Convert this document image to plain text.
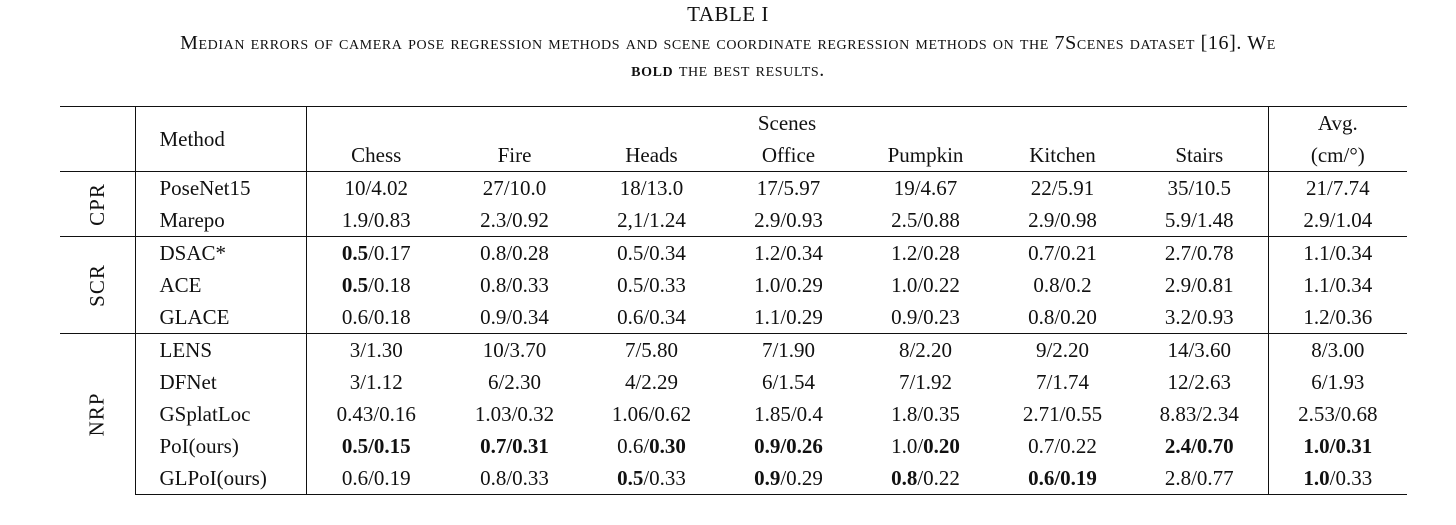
TABLE I
Median errors of camera pose regression methods and scene coordinate regression methods on the 7Scenes dataset [16]. We
bold the best results.
	Method	Scenes							Avg.
		Chess	Fire	Heads	Office	Pumpkin	Kitchen	Stairs	(cm/°)
CPR	PoseNet15	10/4.02	27/10.0	18/13.0	17/5.97	19/4.67	22/5.91	35/10.5	21/7.74
	Marepo	1.9/0.83	2.3/0.92	2,1/1.24	2.9/0.93	2.5/0.88	2.9/0.98	5.9/1.48	2.9/1.04
SCR	DSAC*	0.5/0.17	0.8/0.28	0.5/0.34	1.2/0.34	1.2/0.28	0.7/0.21	2.7/0.78	1.1/0.34
	ACE	0.5/0.18	0.8/0.33	0.5/0.33	1.0/0.29	1.0/0.22	0.8/0.2	2.9/0.81	1.1/0.34
	GLACE	0.6/0.18	0.9/0.34	0.6/0.34	1.1/0.29	0.9/0.23	0.8/0.20	3.2/0.93	1.2/0.36
NRP	LENS	3/1.30	10/3.70	7/5.80	7/1.90	8/2.20	9/2.20	14/3.60	8/3.00
	DFNet	3/1.12	6/2.30	4/2.29	6/1.54	7/1.92	7/1.74	12/2.63	6/1.93
	GSplatLoc	0.43/0.16	1.03/0.32	1.06/0.62	1.85/0.4	1.8/0.35	2.71/0.55	8.83/2.34	2.53/0.68
	PoI(ours)	0.5/0.15	0.7/0.31	0.6/0.30	0.9/0.26	1.0/0.20	0.7/0.22	2.4/0.70	1.0/0.31
	GLPoI(ours)	0.6/0.19	0.8/0.33	0.5/0.33	0.9/0.29	0.8/0.22	0.6/0.19	2.8/0.77	1.0/0.33
